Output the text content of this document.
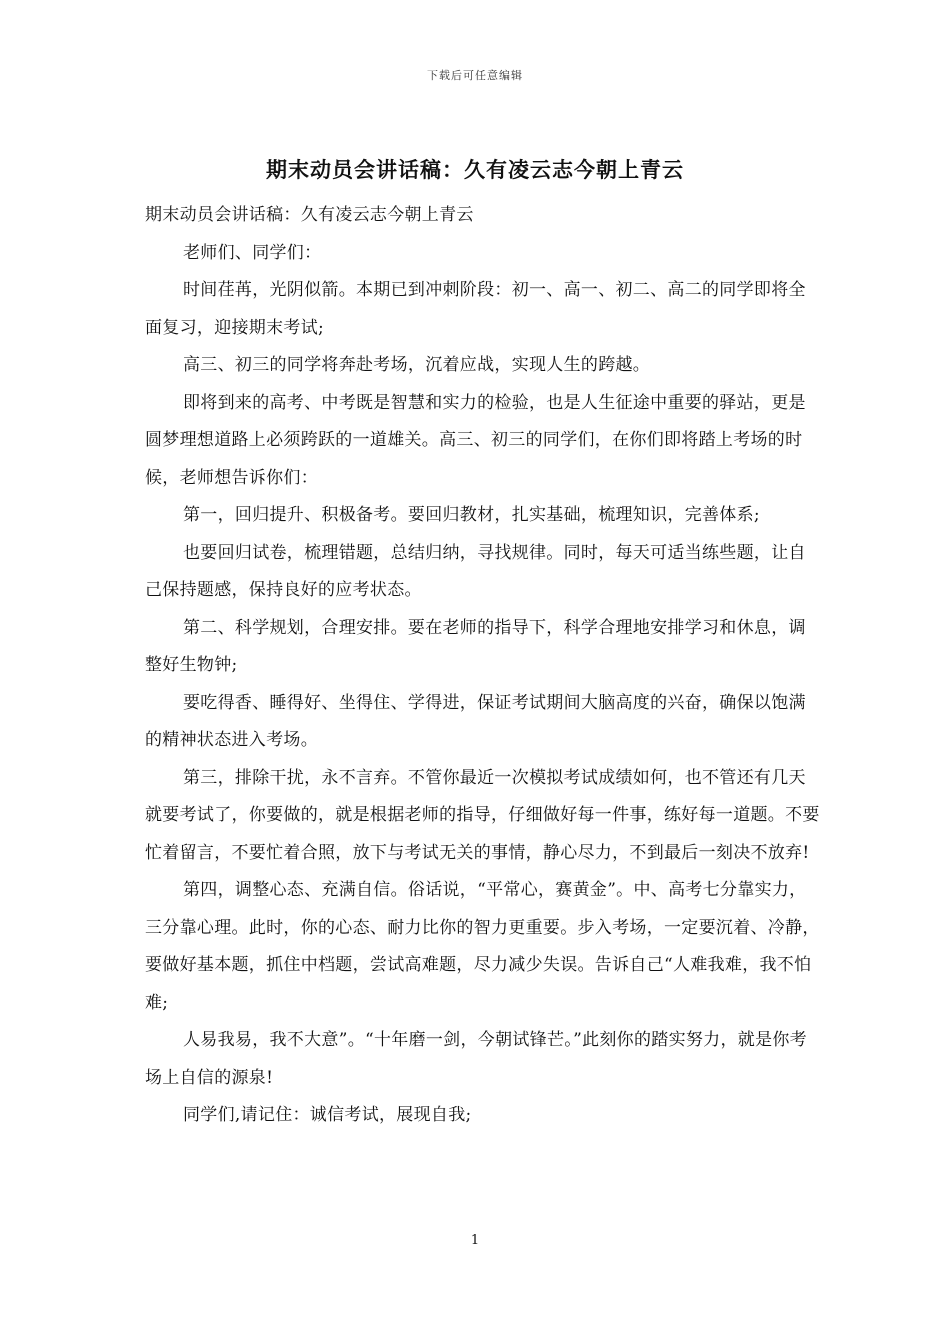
下载后可任意编辑
期末动员会讲话稿：久有凌云志今朝上青云

期末动员会讲话稿：久有凌云志今朝上青云

老师们、同学们：

时间荏苒，光阴似箭。本期已到冲刺阶段：初一、高一、初二、高二的同学即将全面复习，迎接期末考试;

高三、初三的同学将奔赴考场，沉着应战，实现人生的跨越。

即将到来的高考、中考既是智慧和实力的检验，也是人生征途中重要的驿站，更是圆梦理想道路上必须跨跃的一道雄关。高三、初三的同学们，在你们即将踏上考场的时候，老师想告诉你们：

第一，回归提升、积极备考。要回归教材，扎实基础，梳理知识，完善体系;

也要回归试卷，梳理错题，总结归纳，寻找规律。同时，每天可适当练些题，让自己保持题感，保持良好的应考状态。

第二、科学规划，合理安排。要在老师的指导下，科学合理地安排学习和休息，调整好生物钟;

要吃得香、睡得好、坐得住、学得进，保证考试期间大脑高度的兴奋，确保以饱满的精神状态进入考场。

第三，排除干扰，永不言弃。不管你最近一次模拟考试成绩如何，也不管还有几天就要考试了，你要做的，就是根据老师的指导，仔细做好每一件事，练好每一道题。不要忙着留言，不要忙着合照，放下与考试无关的事情，静心尽力，不到最后一刻决不放弃!

第四，调整心态、充满自信。俗话说，“平常心，赛黄金”。中、高考七分靠实力，三分靠心理。此时，你的心态、耐力比你的智力更重要。步入考场，一定要沉着、冷静，要做好基本题，抓住中档题，尝试高难题，尽力减少失误。告诉自己“人难我难，我不怕难;

人易我易，我不大意”。“十年磨一剑，今朝试锋芒。”此刻你的踏实努力，就是你考场上自信的源泉!

同学们,请记住：诚信考试，展现自我;

1
